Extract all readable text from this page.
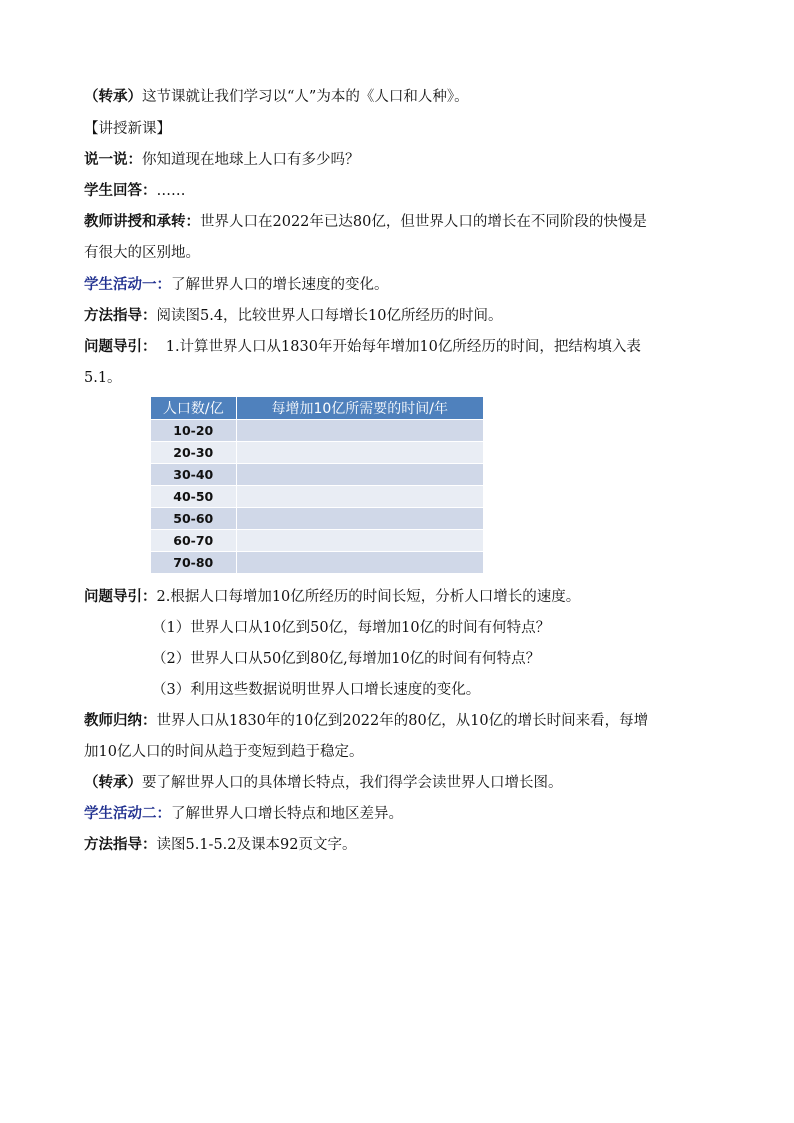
（转承）这节课就让我们学习以“人”为本的《人口和人种》。
【讲授新课】
说一说：你知道现在地球上人口有多少吗？
学生回答：……
教师讲授和承转：世界人口在2022年已达80亿，但世界人口的增长在不同阶段的快慢是
有很大的区别地。
学生活动一：了解世界人口的增长速度的变化。
方法指导：阅读图5.4，比较世界人口每增长10亿所经历的时间。
问题导引：  1.计算世界人口从1830年开始每年增加10亿所经历的时间，把结构填入表
5.1。
人口数/亿	每增加10亿所需要的时间/年
10-20	
20-30	
30-40	
40-50	
50-60	
60-70	
70-80	
问题导引：2.根据人口每增加10亿所经历的时间长短，分析人口增长的速度。
（1）世界人口从10亿到50亿，每增加10亿的时间有何特点？
（2）世界人口从50亿到80亿,每增加10亿的时间有何特点？
（3）利用这些数据说明世界人口增长速度的变化。
教师归纳：世界人口从1830年的10亿到2022年的80亿，从10亿的增长时间来看，每增
加10亿人口的时间从趋于变短到趋于稳定。
（转承）要了解世界人口的具体增长特点，我们得学会读世界人口增长图。
学生活动二：了解世界人口增长特点和地区差异。
方法指导：读图5.1-5.2及课本92页文字。
